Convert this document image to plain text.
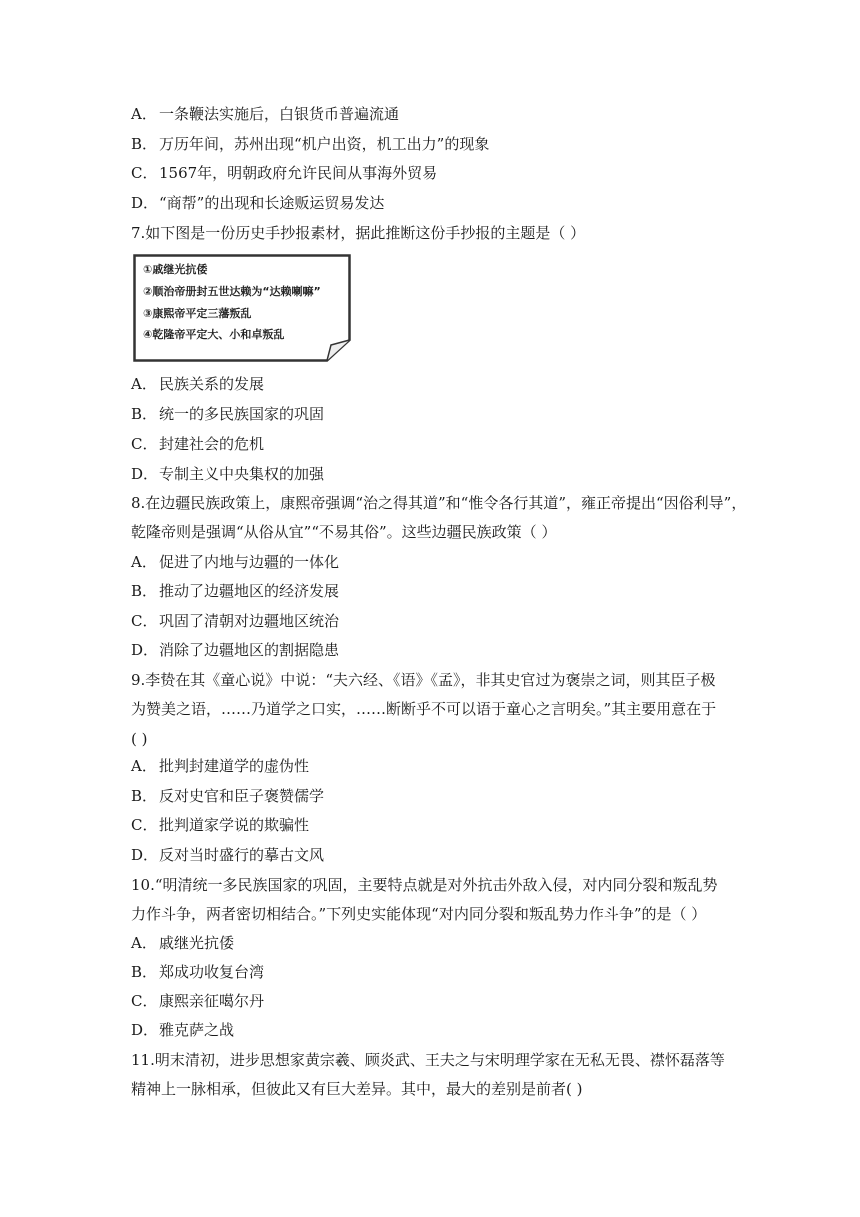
A． 一条鞭法实施后，白银货币普遍流通
B． 万历年间，苏州出现“机户出资，机工出力”的现象
C． 1567年，明朝政府允许民间从事海外贸易
D．“商帮”的出现和长途贩运贸易发达
7.如下图是一份历史手抄报素材，据此推断这份手抄报的主题是（ ）
①戚继光抗倭
②顺治帝册封五世达赖为“达赖喇嘛”
③康熙帝平定三藩叛乱
④乾隆帝平定大、小和卓叛乱
A． 民族关系的发展
B． 统一的多民族国家的巩固
C． 封建社会的危机
D．专制主义中央集权的加强
8.在边疆民族政策上，康熙帝强调“治之得其道”和“惟令各行其道”，雍正帝提出“因俗利导”，
乾隆帝则是强调“从俗从宜”“不易其俗”。这些边疆民族政策（ ）
A． 促进了内地与边疆的一体化
B． 推动了边疆地区的经济发展
C． 巩固了清朝对边疆地区统治
D．消除了边疆地区的割据隐患
9.李贽在其《童心说》中说：“夫六经、《语》《孟》，非其史官过为褒崇之词，则其臣子极
为赞美之语，……乃道学之口实，……断断乎不可以语于童心之言明矣。”其主要用意在于
( )
A． 批判封建道学的虚伪性
B． 反对史官和臣子褒赞儒学
C． 批判道家学说的欺骗性
D．反对当时盛行的摹古文风
10.“明清统一多民族国家的巩固，主要特点就是对外抗击外敌入侵，对内同分裂和叛乱势
力作斗争，两者密切相结合。”下列史实能体现“对内同分裂和叛乱势力作斗争”的是（ ）
A． 戚继光抗倭
B． 郑成功收复台湾
C． 康熙亲征噶尔丹
D．雅克萨之战
11.明末清初，进步思想家黄宗羲、顾炎武、王夫之与宋明理学家在无私无畏、襟怀磊落等
精神上一脉相承，但彼此又有巨大差异。其中，最大的差别是前者( )
